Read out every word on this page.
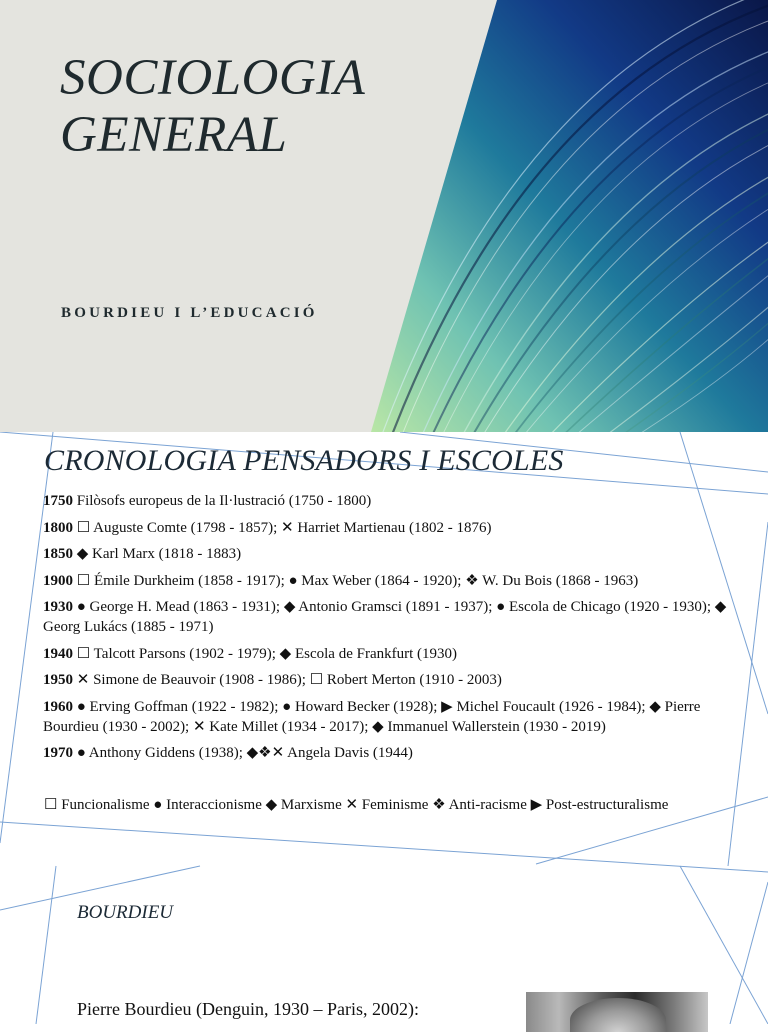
SOCIOLOGIA
GENERAL
BOURDIEU I L’EDUCACIÓ
CRONOLOGIA PENSADORS I ESCOLES
1750 Filòsofs europeus de la Il·lustració (1750 - 1800)
1800 ☐ Auguste Comte (1798 - 1857); ✕ Harriet Martienau (1802 - 1876)
1850 ◆ Karl Marx (1818 - 1883)
1900 ☐ Émile Durkheim (1858 - 1917); ● Max Weber (1864 - 1920); ❖ W. Du Bois (1868 - 1963)
1930 ● George H. Mead (1863 - 1931); ◆ Antonio Gramsci (1891 - 1937); ● Escola de Chicago (1920 - 1930); ◆ Georg Lukács (1885 - 1971)
1940 ☐ Talcott Parsons (1902 - 1979); ◆ Escola de Frankfurt (1930)
1950 ✕ Simone de Beauvoir (1908 - 1986); ☐ Robert Merton (1910 - 2003)
1960 ● Erving Goffman (1922 - 1982); ● Howard Becker (1928); ▶ Michel Foucault (1926 - 1984); ◆ Pierre Bourdieu (1930 - 2002); ✕ Kate Millet (1934 - 2017); ◆ Immanuel Wallerstein (1930 - 2019)
1970 ● Anthony Giddens (1938); ◆❖✕ Angela Davis (1944)
☐ Funcionalisme ● Interaccionisme ◆ Marxisme ✕ Feminisme ❖ Anti-racisme ▶ Post-estructuralisme
BOURDIEU
Pierre Bourdieu (Denguin, 1930 – Paris, 2002):
